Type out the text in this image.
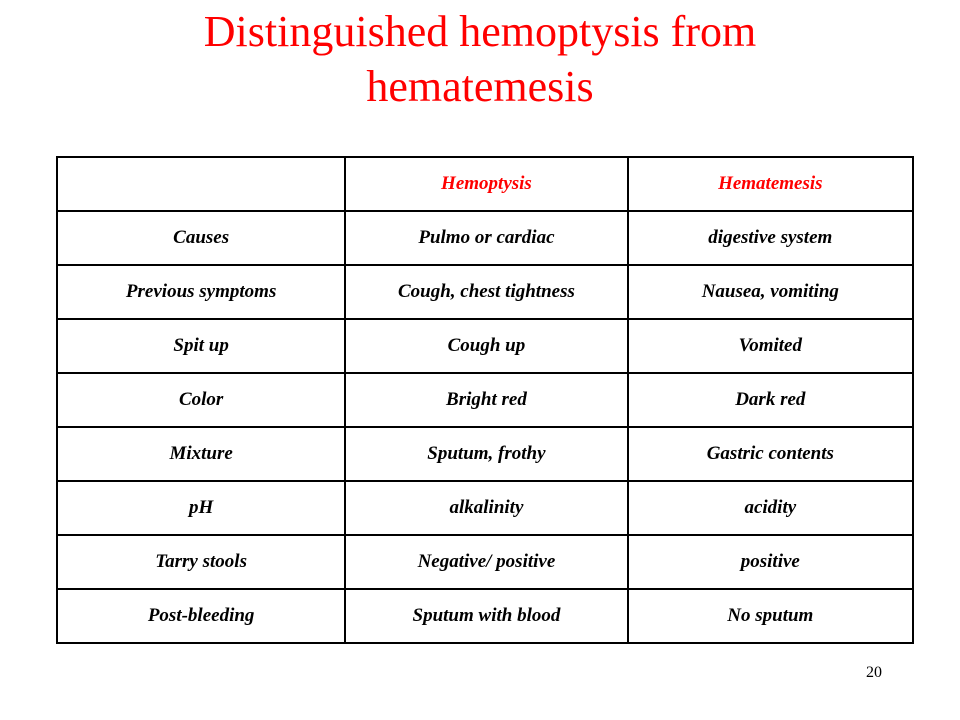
Distinguished hemoptysis from
hematemesis
	Hemoptysis	Hematemesis
Causes	Pulmo or cardiac	digestive system
Previous symptoms	Cough, chest tightness	Nausea, vomiting
Spit up	Cough up	Vomited
Color	Bright red	Dark red
Mixture	Sputum, frothy	Gastric contents
pH	alkalinity	acidity
Tarry stools	Negative/ positive	positive
Post-bleeding	Sputum with blood	No sputum
20
